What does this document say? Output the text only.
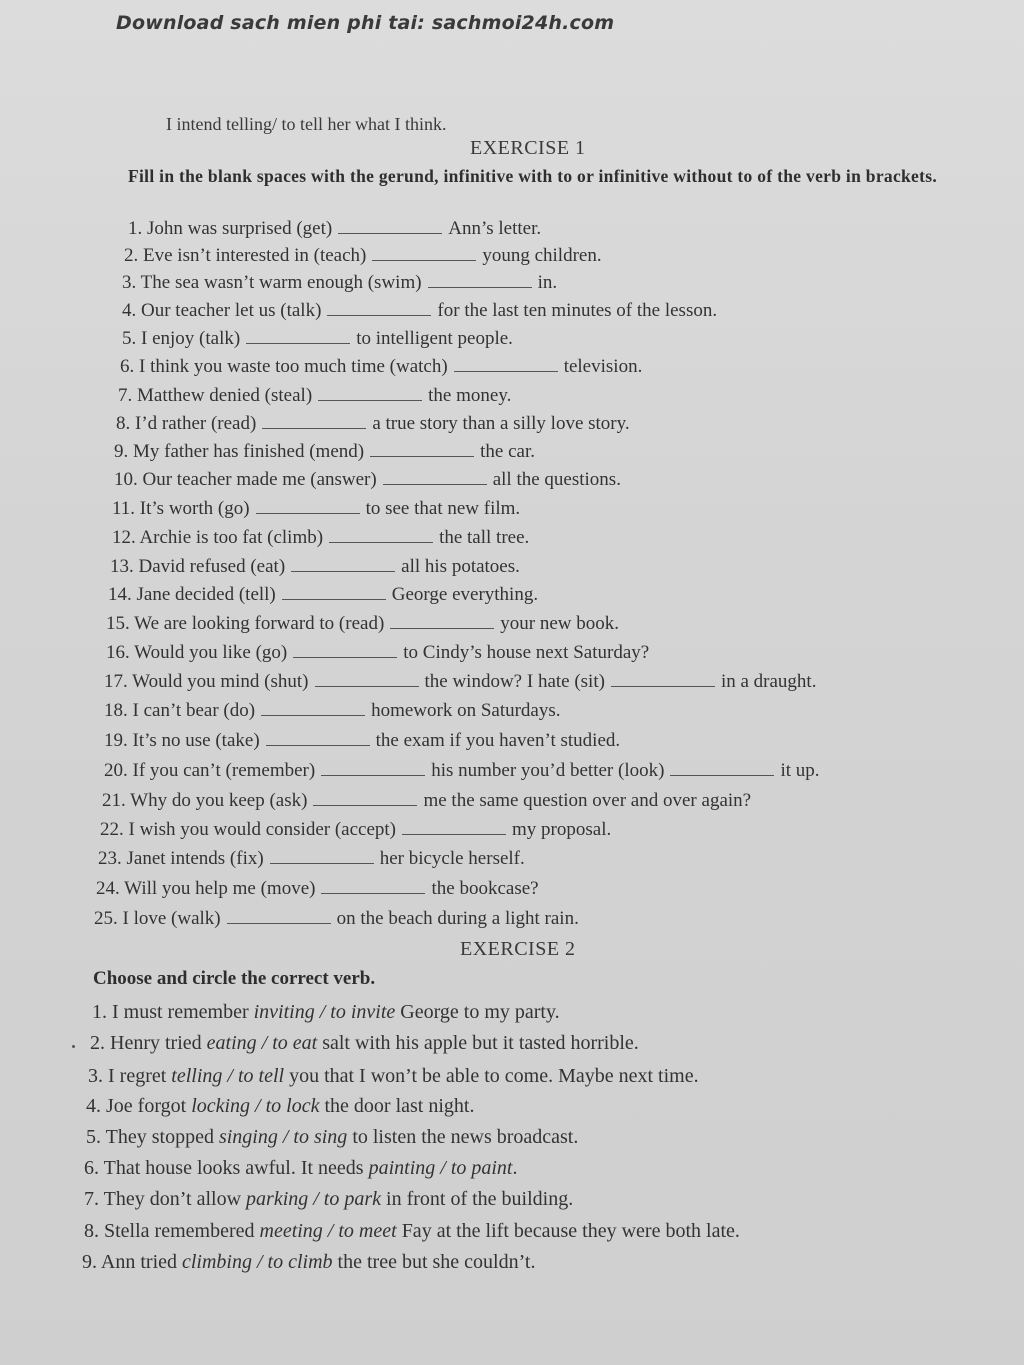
Download sach mien phi tai: sachmoi24h.com
I intend telling/ to tell her what I think.
EXERCISE 1
Fill in the blank spaces with the gerund, infinitive with to or infinitive without to of the verb in brackets.
1. John was surprised (get)	Ann’s letter.
2. Eve isn’t interested in (teach)	young children.
3. The sea wasn’t warm enough (swim)	in.
4. Our teacher let us (talk)	for the last ten minutes of the lesson.
5. I enjoy (talk)	to intelligent people.
6. I think you waste too much time (watch)	television.
7. Matthew denied (steal)	the money.
8. I’d rather (read)	a true story than a silly love story.
9. My father has finished (mend)	the car.
10. Our teacher made me (answer)	all the questions.
11. It’s worth (go)	to see that new film.
12. Archie is too fat (climb)	the tall tree.
13. David refused (eat)	all his potatoes.
14. Jane decided (tell)	George everything.
15. We are looking forward to (read)	your new book.
16. Would you like (go)	to Cindy’s house next Saturday?
17. Would you mind (shut)	the window? I hate (sit)	in a draught.
18. I can’t bear (do)	homework on Saturdays.
19. It’s no use (take)	the exam if you haven’t studied.
20. If you can’t (remember)	his number you’d better (look)	it up.
21. Why do you keep (ask)	me the same question over and over again?
22. I wish you would consider (accept)	my proposal.
23. Janet intends (fix)	her bicycle herself.
24. Will you help me (move)	the bookcase?
25. I love (walk)	on the beach during a light rain.
EXERCISE 2
Choose and circle the correct verb.
1. I must remember inviting / to invite George to my party.
2. Henry tried eating / to eat salt with his apple but it tasted horrible.
3. I regret telling / to tell you that I won’t be able to come. Maybe next time.
4. Joe forgot locking / to lock the door last night.
5. They stopped singing / to sing to listen the news broadcast.
6. That house looks awful. It needs painting / to paint.
7. They don’t allow parking / to park in front of the building.
8. Stella remembered meeting / to meet Fay at the lift because they were both late.
9. Ann tried climbing / to climb the tree but she couldn’t.
